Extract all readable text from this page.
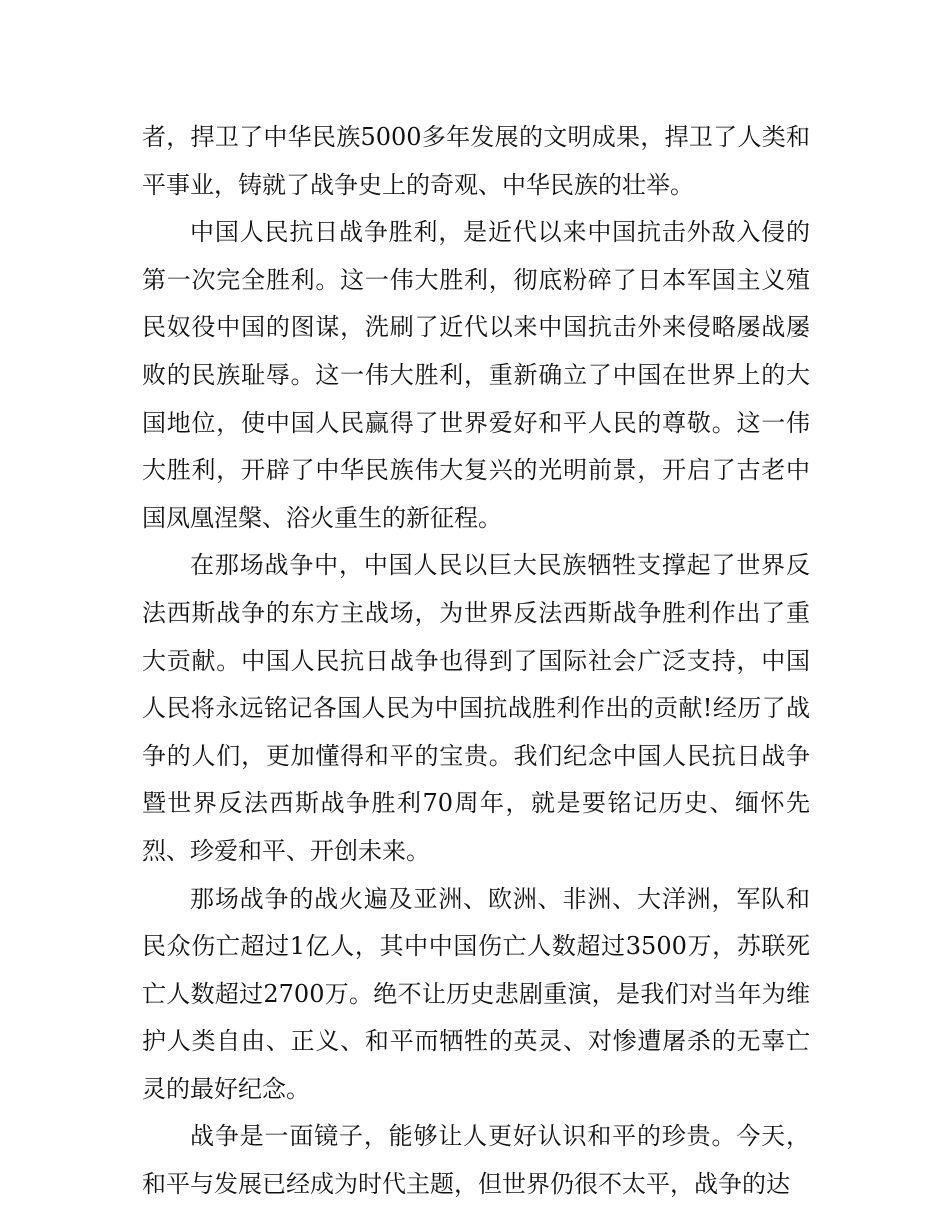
者，捍卫了中华民族5000多年发展的文明成果，捍卫了人类和平事业，铸就了战争史上的奇观、中华民族的壮举。

中国人民抗日战争胜利，是近代以来中国抗击外敌入侵的第一次完全胜利。这一伟大胜利，彻底粉碎了日本军国主义殖民奴役中国的图谋，洗刷了近代以来中国抗击外来侵略屡战屡败的民族耻辱。这一伟大胜利，重新确立了中国在世界上的大国地位，使中国人民赢得了世界爱好和平人民的尊敬。这一伟大胜利，开辟了中华民族伟大复兴的光明前景，开启了古老中国凤凰涅槃、浴火重生的新征程。

在那场战争中，中国人民以巨大民族牺牲支撑起了世界反法西斯战争的东方主战场，为世界反法西斯战争胜利作出了重大贡献。中国人民抗日战争也得到了国际社会广泛支持，中国人民将永远铭记各国人民为中国抗战胜利作出的贡献!经历了战争的人们，更加懂得和平的宝贵。我们纪念中国人民抗日战争暨世界反法西斯战争胜利70周年，就是要铭记历史、缅怀先烈、珍爱和平、开创未来。

那场战争的战火遍及亚洲、欧洲、非洲、大洋洲，军队和民众伤亡超过1亿人，其中中国伤亡人数超过3500万，苏联死亡人数超过2700万。绝不让历史悲剧重演，是我们对当年为维护人类自由、正义、和平而牺牲的英灵、对惨遭屠杀的无辜亡灵的最好纪念。

战争是一面镜子，能够让人更好认识和平的珍贵。今天，和平与发展已经成为时代主题，但世界仍很不太平，战争的达
